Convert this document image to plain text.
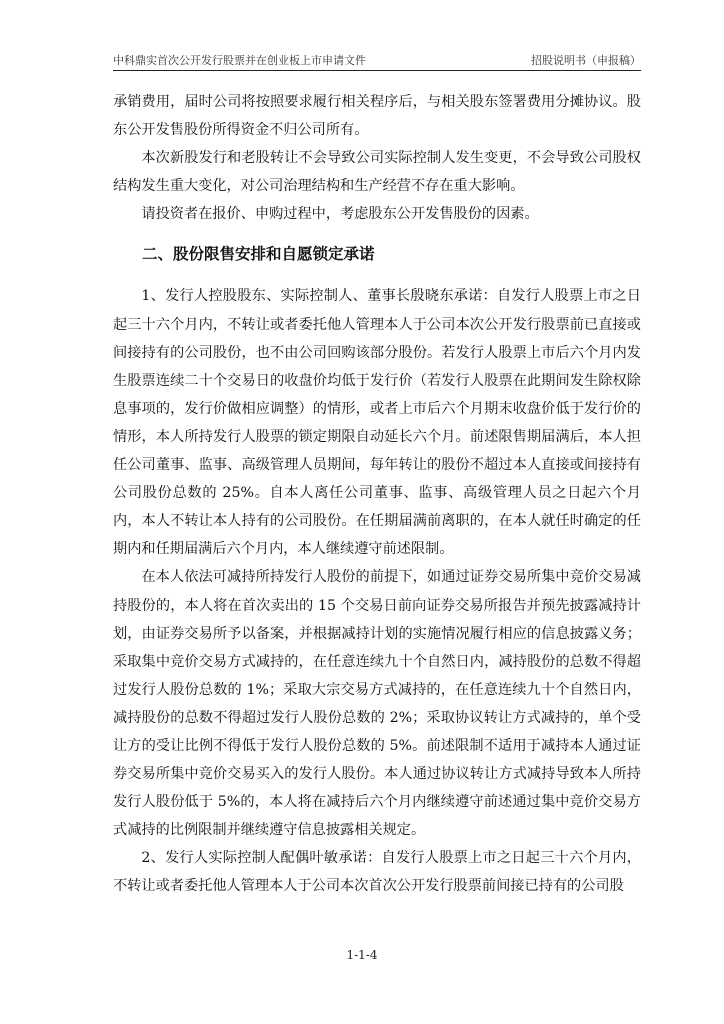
中科鼎实首次公开发行股票并在创业板上市申请文件	招股说明书（申报稿）

承销费用，届时公司将按照要求履行相关程序后，与相关股东签署费用分摊协议。股东公开发售股份所得资金不归公司所有。

本次新股发行和老股转让不会导致公司实际控制人发生变更，不会导致公司股权结构发生重大变化，对公司治理结构和生产经营不存在重大影响。

请投资者在报价、申购过程中，考虑股东公开发售股份的因素。

二、股份限售安排和自愿锁定承诺

1、发行人控股股东、实际控制人、董事长殷晓东承诺：自发行人股票上市之日起三十六个月内，不转让或者委托他人管理本人于公司本次公开发行股票前已直接或间接持有的公司股份，也不由公司回购该部分股份。若发行人股票上市后六个月内发生股票连续二十个交易日的收盘价均低于发行价（若发行人股票在此期间发生除权除息事项的，发行价做相应调整）的情形，或者上市后六个月期末收盘价低于发行价的情形，本人所持发行人股票的锁定期限自动延长六个月。前述限售期届满后，本人担任公司董事、监事、高级管理人员期间，每年转让的股份不超过本人直接或间接持有公司股份总数的 25%。自本人离任公司董事、监事、高级管理人员之日起六个月内，本人不转让本人持有的公司股份。在任期届满前离职的，在本人就任时确定的任期内和任期届满后六个月内，本人继续遵守前述限制。

在本人依法可减持所持发行人股份的前提下，如通过证券交易所集中竞价交易减持股份的，本人将在首次卖出的 15 个交易日前向证券交易所报告并预先披露减持计划，由证券交易所予以备案，并根据减持计划的实施情况履行相应的信息披露义务；采取集中竞价交易方式减持的，在任意连续九十个自然日内，减持股份的总数不得超过发行人股份总数的 1%；采取大宗交易方式减持的，在任意连续九十个自然日内，减持股份的总数不得超过发行人股份总数的 2%；采取协议转让方式减持的，单个受让方的受让比例不得低于发行人股份总数的 5%。前述限制不适用于减持本人通过证券交易所集中竞价交易买入的发行人股份。本人通过协议转让方式减持导致本人所持发行人股份低于 5%的，本人将在减持后六个月内继续遵守前述通过集中竞价交易方式减持的比例限制并继续遵守信息披露相关规定。

2、发行人实际控制人配偶叶敏承诺：自发行人股票上市之日起三十六个月内，不转让或者委托他人管理本人于公司本次首次公开发行股票前间接已持有的公司股

1-1-4
